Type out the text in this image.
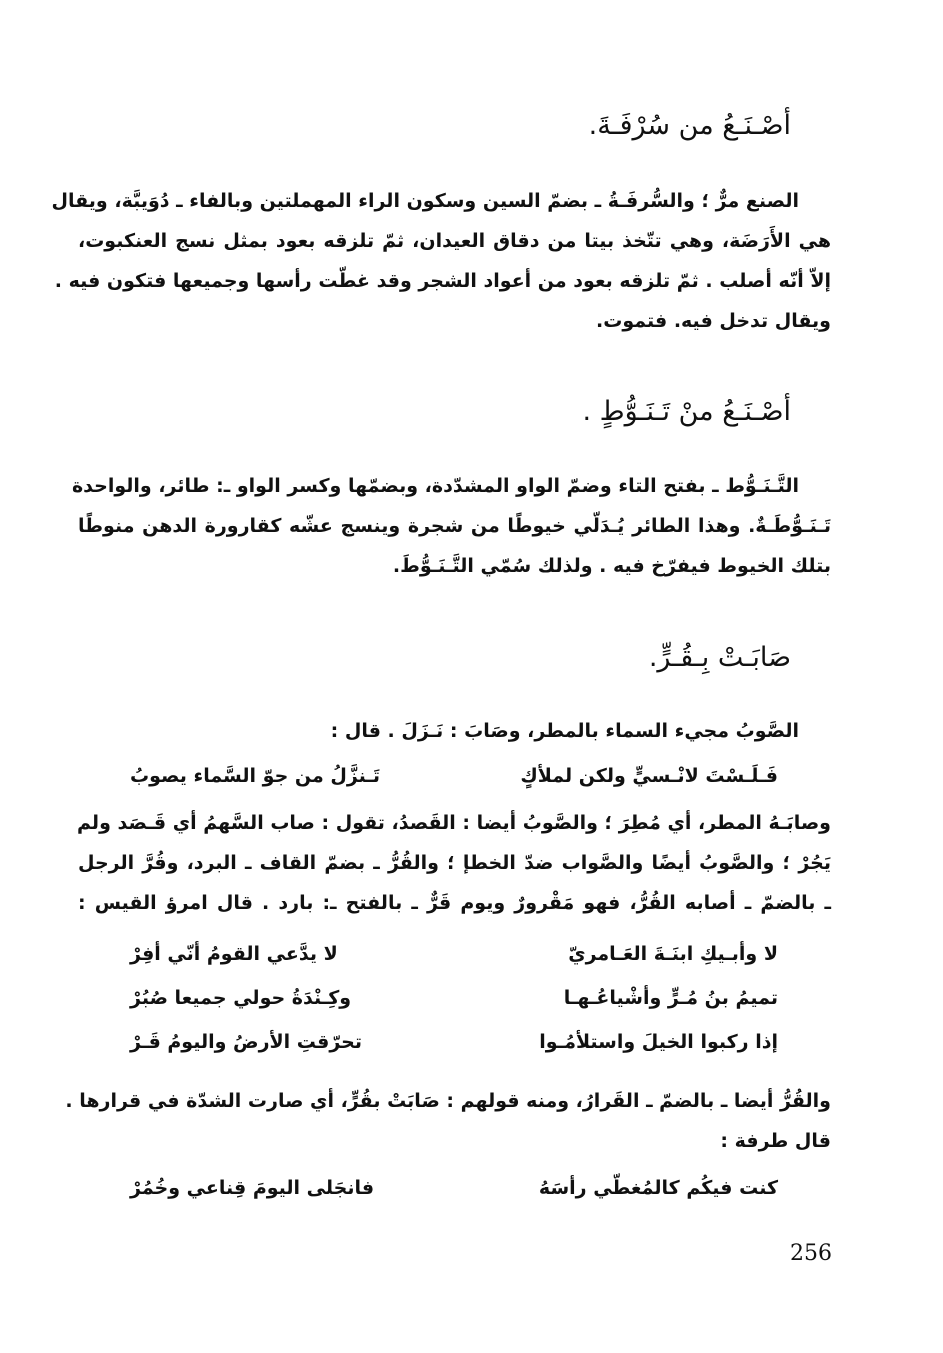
أصْـنَـعُ من سُرْفَـةَ.
الصنع مرٌّ ؛ والسُّرفَـةُ ـ بضمّ السين وسكون الراء المهملتين وبالفاء ـ دُوَيبَّة، ويقال
هي الأَرَضَة، وهي تتّخذ بيتا من دقاق العيدان، ثمّ تلزقه بعود بمثل نسج العنكبوت،
إلاّ أنّه أصلب . ثمّ تلزقه بعود من أعواد الشجر وقد غطّت رأسها وجميعها فتكون فيه .
ويقال تدخل فيه. فتموت.
أصْـنَـعُ منْ تَـنَـوُّطٍ .
التَّـنَـوُّط ـ بفتح التاء وضمّ الواو المشدّدة، وبضمّها وكسر الواو ـ: طائر، والواحدة
تَـنَـوُّطَـةٌ. وهذا الطائر يُـدَلّي خيوطًا من شجرة وينسج عشّه كقارورة الدهن منوطًا
بتلك الخيوط فيفرّخ فيه . ولذلك سُمّي التَّـنَـوُّطَ.
صَابَـتْ بِـقُـرٍّ.
الصَّوبُ مجيء السماء بالمطر، وصَابَ : نَـزَلَ . قال :
فَـلَـسْتَ لانْـسيٍّ ولكن لملأكٍ
تَـنزَّلُ من جوّ السَّماء يصوبُ
وصابَـهُ المطر، أي مُطِرَ ؛ والصَّوبُ أيضا : القَصدُ، تقول : صاب السَّهمُ أي قَـصَد ولم
يَجُرْ ؛ والصَّوبُ أيضًا والصَّواب ضدّ الخطإ ؛ والقُرُّ ـ بضمّ القاف ـ البرد، وقُرَّ الرجل
ـ بالضمّ ـ أصابه القُرُّ، فهو مَقْرورٌ ويوم قَرٌّ ـ بالفتح ـ: بارد . قال امرؤ القيس :
لا وأبـيكِ ابنَـةَ العَـامريّ
لا يدَّعي القومُ أنّي أفِرْ
تميمُ بنُ مُـرٍّ وأشْياعُـهـا
وكِـنْدَةُ حولي جميعا صُبُرْ
إذا ركبوا الخيلَ واستلأمُـوا
تحرّقتِ الأرضُ واليومُ قَـرْ
والقُرُّ أيضا ـ بالضمّ ـ القَرارُ، ومنه قولهم : صَابَتْ بقُرٍّ، أي صارت الشدّة في قرارها .
قال طرفة :
كنت فيكُم كالمُغطّي رأسَهُ
فانجَلى اليومَ قِناعي وخُمُرْ
256
